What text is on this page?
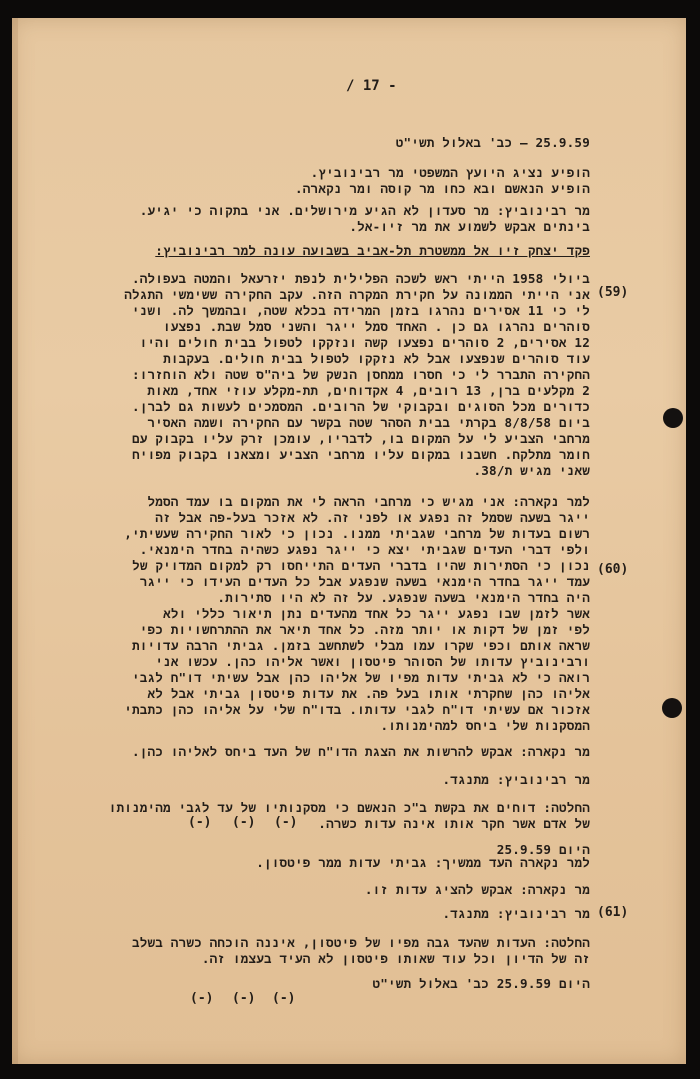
/ 17 -
25.9.59 – כב' באלול תשי"ט
הופיע נציג היועץ המשפטי מר רבינוביץ.
הופיע הנאשם ובא כחו מר קוסה ומר נקארה.
מר רבינוביץ: מר סעדון לא הגיע מירושלים. אני בתקוה כי יגיע.
בינתים אבקש לשמוע את מר זיו-אל.
פקד יצחק זיו אל ממשטרת תל-אביב בשבועה עונה למר רבינוביץ:
(59)
ביולי 1958 הייתי ראש לשכה הפלילית לנפת יזרעאל והמטה בעפולה.
אני הייתי הממונה על חקירת המקרה הזה. עקב החקירה ששימשי התגלה
לי כי 11 אסירים נהרגו בזמן המרידה בכלא שטה, ובהמשך לה. ושני
סוהרים נהרגו גם כן . האחד סמל ייגר והשני סמל שבת. נפצעו
12 אסירים, 2 סוהרים נפצעו קשה ונזקקו לטפול בבית חולים והיו
עוד סוהרים שנפצעו אבל לא נזקקו לטפול בבית חולים. בעקבות
החקירה התברר לי כי חסרו ממחסן הנשק של ביה"ס שטה ולא הוחזרו:
2 מקלעים ברן, 13 רובים, 4 אקדוחים, תת-מקלע עוזי אחד, מאות
כדורים מכל הסוגים ובקבוקי של הרובים. המסמכים לעשות גם לברן.
ביום 8/8/58 בקרתי בבית הסהר שטה בקשר עם החקירה ושמה האסיר
מרחבי הצביע לי על המקום בו, לדבריו, עומכן זרק עליו בקבוק עם
חומר מתלקח. חשבנו במקום עליו מרחבי הצביע ומצאנו בקבוק מפויח
שאני מגיש ת/38.
(60)
למר נקארה: אני מגיש כי מרחבי הראה לי את המקום בו עמד הסמל
ייגר בשעה שסמל זה נפגע או לפני זה. לא אזכר בעל-פה אבל זה
רשום בעדות של מרחבי שגביתי ממנו. נכון כי לאור החקירה שעשיתי,
ולפי דברי העדים שגביתי יצא כי ייגר נפגע כשהיה בחדר הימנאי.
נכון כי הסתירות שהיו בדברי העדים התייחסו רק למקום המדויק של
עמד ייגר בחדר הימנאי בשעה שנפגע אבל כל העדים העידו כי ייגר
היה בחדר הימנאי בשעה שנפגע. על זה לא היו סתירות.
אשר לזמן שבו נפגע ייגר כל אחד מהעדים נתן תיאור כללי ולא
לפי זמן של דקות או יותר מזה. כל אחד תיאר את ההתרחשויות כפי
שראה אותם וכפי שקרו עמו מבלי לשתחשב בזמן. גביתי הרבה עדויות
ורבינוביץ עדותו של הסוהר פיטסון ואשר אליהו כהן. עכשו אני
רואה כי לא גביתי עדות מפיו של אליהו כהן אבל עשיתי דו"ח לגבי
אליהו כהן שחקרתי אותו בעל פה. את עדות פיטסון גביתי אבל לא
אזכור אם עשיתי דו"ח לגבי עדותו. בדו"ח שלי על אליהו כהן כתבתי
המסקנות שלי ביחס למהימנותו.
מר נקארה: אבקש להרשות את הצגת הדו"ח של העד ביחס לאליהו כהן.
מר רבינוביץ: מתנגד.
החלטה: דוחים את בקשת ב"כ הנאשם כי מסקנותיו של עד לגבי מהימנותו
של אדם אשר חקר אותו אינה עדות כשרה.
היום 25.9.59
(-) (-) (-)
למר נקארה העד ממשיך: גביתי עדות ממר פיטסון.
מר נקארה: אבקש להציג עדות זו.
(61)
מר רבינוביץ: מתנגד.
החלטה: העדות שהעד גבה מפיו של פיטסון, איננה הוכחה כשרה בשלב
זה של הדיון וכל עוד שאותו פיטסון לא העיד בעצמו זה.
היום 25.9.59 כב' באלול תשי"ט
(-) (-) (-)
